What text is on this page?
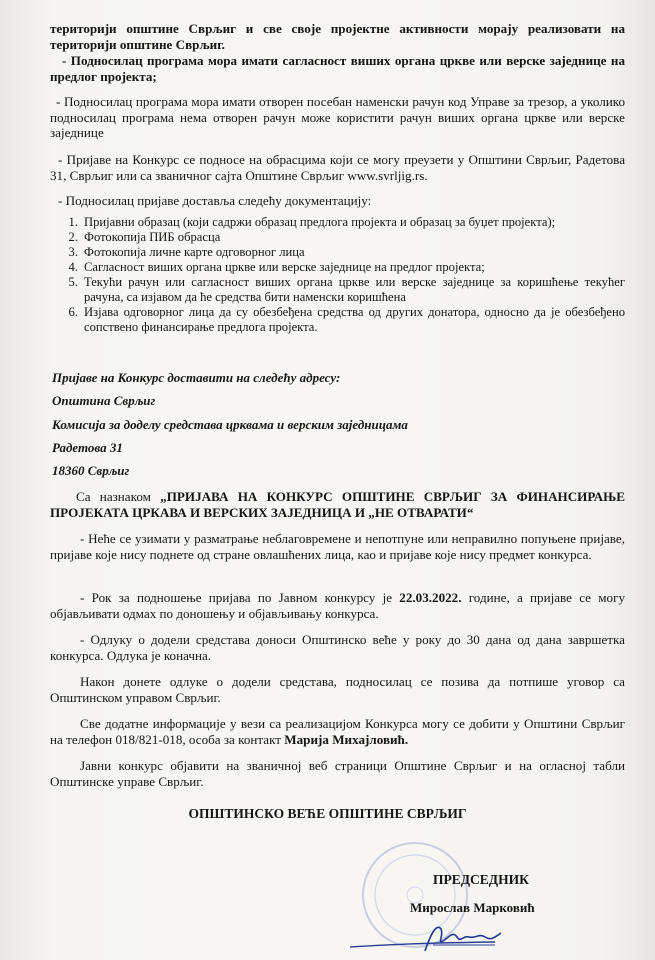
територији општине Сврљиг и све своје пројектне активности морају реализовати на територији општине Сврљиг.

- Подносилац програма мора имати сагласност виших органа цркве или верске заједнице на предлог пројекта;

- Подносилац програма мора имати отворен посебан наменски рачун код Управе за трезор, а уколико подносилац програма нема отворен рачун може користити рачун виших органа цркве или верске заједнице

- Пријаве на Конкурс се подносе на обрасцима који се могу преузети у Општини Сврљиг, Радетова 31, Сврљиг или са званичног сајта Општине Сврљиг www.svrljig.rs.

- Подносилац пријаве доставља следећу документацију:

1. Пријавни образац (који садржи образац предлога пројекта и образац за буџет пројекта);
2. Фотокопија ПИБ обрасца
3. Фотокопија личне карте одговорног лица
4. Сагласност виших органа цркве или верске заједнице на предлог пројекта;
5. Текући рачун или сагласност виших органа цркве или верске заједнице за коришћење текућег рачуна, са изјавом да ће средства бити наменски коришћена
6. Изјава одговорног лица да су обезбеђена средства од других донатора, односно да је обезбеђено сопствено финансирање предлога пројекта.
Пријаве на Конкурс доставити на следећу адресу:
Општина Сврљиг
Комисија за доделу средстава црквама и верским заједницама
Радетова 31
18360 Сврљиг

Са назнаком „ПРИЈАВА НА КОНКУРС ОПШТИНЕ СВРЉИГ ЗА ФИНАНСИРАЊЕ ПРОЈЕКАТА ЦРКАВА И ВЕРСКИХ ЗАЈЕДНИЦА И „НЕ ОТВАРАТИ“

- Неће се узимати у разматрање неблаговремене и непотпуне или неправилно попуњене пријаве, пријаве које нису поднете од стране овлашћених лица, као и пријаве које нису предмет конкурса.

- Рок за подношење пријава по Јавном конкурсу је 22.03.2022. године, а пријаве се могу објављивати одмах по доношењу и објављивању конкурса.

- Одлуку о додели средстава доноси Општинско веће у року до 30 дана од дана завршетка конкурса. Одлука је коначна.

Након донете одлуке о додели средстава, подносилац се позива да потпише уговор са Општинском управом Сврљиг.

Све додатне информације у вези са реализацијом Конкурса могу се добити у Општини Сврљиг на телефон 018/821-018, особа за контакт Марија Михајловић.

Јавни конкурс објавити на званичној веб страници Општине Сврљиг и на огласној табли Општинске управе Сврљиг.

ОПШТИНСКО ВЕЋЕ ОПШТИНЕ СВРЉИГ
ПРЕДСЕДНИК
Мирослав Марковић
